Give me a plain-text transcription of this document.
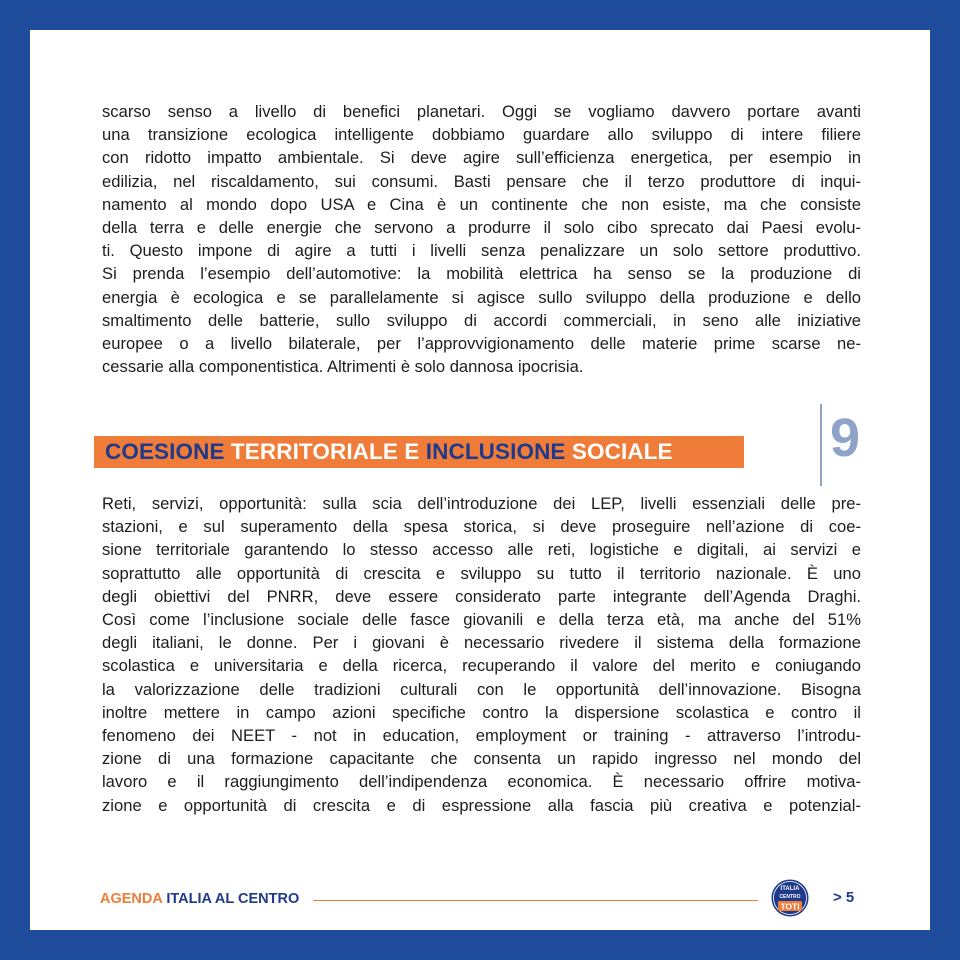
scarso senso a livello di benefici planetari. Oggi se vogliamo davvero portare avanti
una transizione ecologica intelligente dobbiamo guardare allo sviluppo di intere filiere
con ridotto impatto ambientale. Si deve agire sull’efficienza energetica, per esempio in
edilizia, nel riscaldamento, sui consumi. Basti pensare che il terzo produttore di inqui-
namento al mondo dopo USA e Cina è un continente che non esiste, ma che consiste
della terra e delle energie che servono a produrre il solo cibo sprecato dai Paesi evolu-
ti. Questo impone di agire a tutti i livelli senza penalizzare un solo settore produttivo.
Si prenda l’esempio dell’automotive: la mobilità elettrica ha senso se la produzione di
energia è ecologica e se parallelamente si agisce sullo sviluppo della produzione e dello
smaltimento delle batterie, sullo sviluppo di accordi commerciali, in seno alle iniziative
europee o a livello bilaterale, per l’approvvigionamento delle materie prime scarse ne-
cessarie alla componentistica. Altrimenti è solo dannosa ipocrisia.
COESIONE TERRITORIALE E INCLUSIONE SOCIALE	9
Reti, servizi, opportunità: sulla scia dell’introduzione dei LEP, livelli essenziali delle pre-
stazioni, e sul superamento della spesa storica, si deve proseguire nell’azione di coe-
sione territoriale garantendo lo stesso accesso alle reti, logistiche e digitali, ai servizi e
soprattutto alle opportunità di crescita e sviluppo su tutto il territorio nazionale. È uno
degli obiettivi del PNRR, deve essere considerato parte integrante dell’Agenda Draghi.
Così come l’inclusione sociale delle fasce giovanili e della terza età, ma anche del 51%
degli italiani, le donne. Per i giovani è necessario rivedere il sistema della formazione
scolastica e universitaria e della ricerca, recuperando il valore del merito e coniugando
la valorizzazione delle tradizioni culturali con le opportunità dell’innovazione. Bisogna
inoltre mettere in campo azioni specifiche contro la dispersione scolastica e contro il
fenomeno dei NEET - not in education, employment or training - attraverso l’introdu-
zione di una formazione capacitante che consenta un rapido ingresso nel mondo del
lavoro e il raggiungimento dell’indipendenza economica. È necessario offrire motiva-
zione e opportunità di crescita e di espressione alla fascia più creativa e potenzial-
AGENDA ITALIA AL CENTRO
ITALIA
CENTRO
TOTI
> 5
